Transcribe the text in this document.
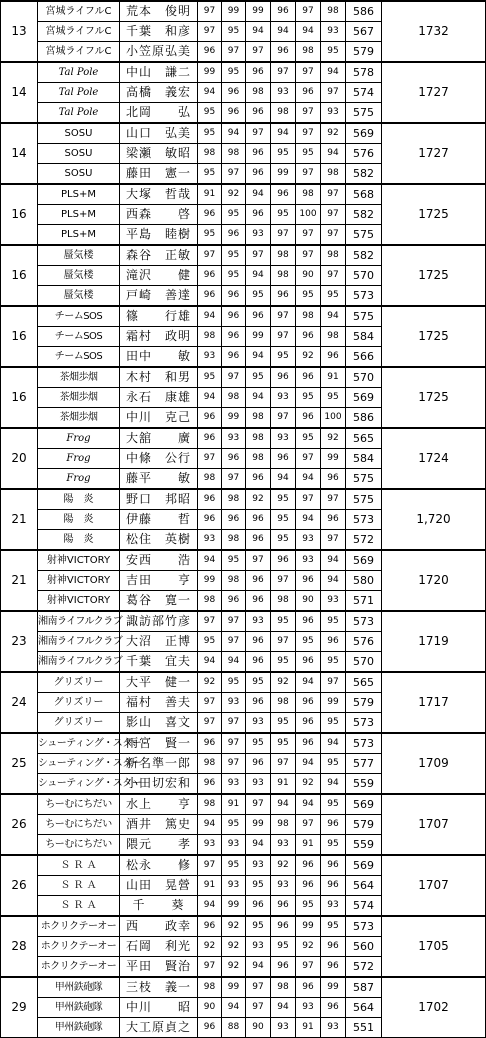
13	宮城ライフルC	荒本　俊明	97	99	99	96	97	98	586	1732
	宮城ライフルC	千葉　和彦	97	95	94	94	94	93	567	
	宮城ライフルC	小笠原弘美	96	97	97	96	98	95	579	
14	Tal Pole	中山　謙二	99	95	96	97	97	94	578	1727
	Tal Pole	高橋　義宏	94	96	98	93	96	97	574	
	Tal Pole	北岡　　弘	95	96	96	98	97	93	575	
14	SOSU	山口　弘美	95	94	97	94	97	92	569	1727
	SOSU	梁瀬　敏昭	98	98	96	95	95	94	576	
	SOSU	藤田　憲一	95	97	96	99	97	98	582	
16	PLS+M	大塚　哲哉	91	92	94	96	98	97	568	1725
	PLS+M	西森　　啓	96	95	96	95	100	97	582	
	PLS+M	平島　睦樹	95	96	93	97	97	97	575	
16	蜃気楼	森谷　正敏	97	95	97	98	97	98	582	1725
	蜃気楼	滝沢　　健	96	95	94	98	90	97	570	
	蜃気楼	戸崎　善達	96	96	95	96	95	95	573	
16	チームSOS	篠　　行雄	94	96	96	97	98	94	575	1725
	チームSOS	霜村　政明	98	96	99	97	96	98	584	
	チームSOS	田中　　敏	93	96	94	95	92	96	566	
16	茶畑歩烟	木村　和男	95	97	95	96	96	91	570	1725
	茶畑歩烟	永石　康雄	94	98	94	93	95	95	569	
	茶畑歩烟	中川　克己	96	99	98	97	96	100	586	
20	Frog	大舘　　廣	96	93	98	93	95	92	565	1724
	Frog	中條　公行	97	96	98	96	97	99	584	
	Frog	藤平　　敏	98	97	96	94	94	96	575	
21	陽　炎	野口　邦昭	96	98	92	95	97	97	575	1,720
	陽　炎	伊藤　　哲	96	96	96	95	94	96	573	
	陽　炎	松住　英樹	93	98	96	95	93	97	572	
21	射神VICTORY	安西　　浩	94	95	97	96	93	94	569	1720
	射神VICTORY	吉田　　亨	99	98	96	97	96	94	580	
	射神VICTORY	葛谷　寛一	98	96	96	98	90	93	571	
23	湘南ライフルクラブ	諏訪部竹彦	97	97	93	95	96	95	573	1719
	湘南ライフルクラブ	大沼　正博	95	97	96	97	95	96	576	
	湘南ライフルクラブ	千葉　宜夫	94	94	96	95	96	95	570	
24	グリズリー	大平　健一	92	95	95	92	94	97	565	1717
	グリズリー	福村　善夫	97	93	96	98	96	99	579	
	グリズリー	影山　喜文	97	97	93	95	96	95	573	
25	シューティング・スター	雨宮　賢一	96	97	95	95	96	94	573	1709
	シューティング・スター	新名準一郎	98	97	96	97	94	95	577	
	シューティング・スター	小田切宏和	96	93	93	91	92	94	559	
26	ちーむにちだい	水上　　亨	98	91	97	94	94	95	569	1707
	ちーむにちだい	酒井　篤史	94	95	99	98	97	96	579	
	ちーむにちだい	隈元　　孝	93	93	94	93	91	95	559	
26	Ｓ Ｒ Ａ	松永　　修	97	95	93	92	96	96	569	1707
	Ｓ Ｒ Ａ	山田　晃營	91	93	95	93	96	96	564	
	Ｓ Ｒ Ａ	千　　葵	94	99	96	96	95	93	574	
28	ホクリクテーオー	西　　政幸	96	92	95	96	99	95	573	1705
	ホクリクテーオー	石岡　利光	92	92	93	95	92	96	560	
	ホクリクテーオー	平田　賢治	97	92	94	96	97	96	572	
29	甲州鉄砲隊	三枝　義一	98	99	97	98	96	99	587	1702
	甲州鉄砲隊	中川　　昭	90	94	97	94	93	96	564	
	甲州鉄砲隊	大工原貞之	96	88	90	93	91	93	551	
